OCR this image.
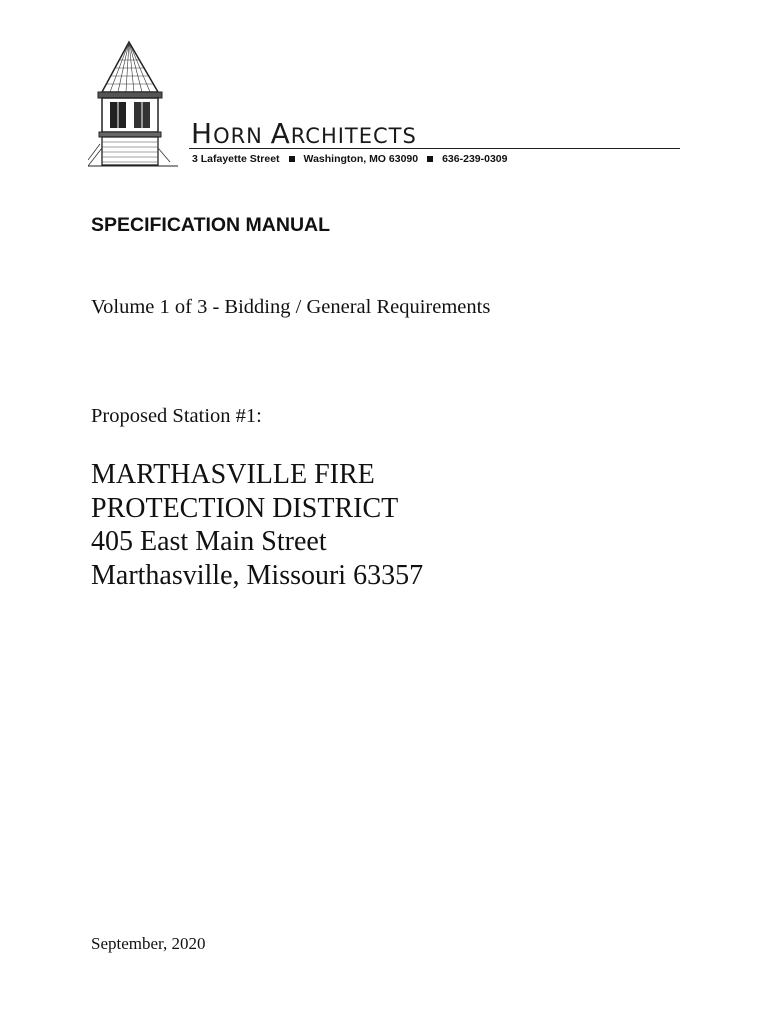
HORN ARCHITECTS
3 Lafayette Street Washington, MO 63090 636-239-0309
SPECIFICATION MANUAL
Volume 1 of 3 - Bidding / General Requirements
Proposed Station #1:
MARTHASVILLE FIRE
PROTECTION DISTRICT
405 East Main Street
Marthasville, Missouri 63357
September, 2020
